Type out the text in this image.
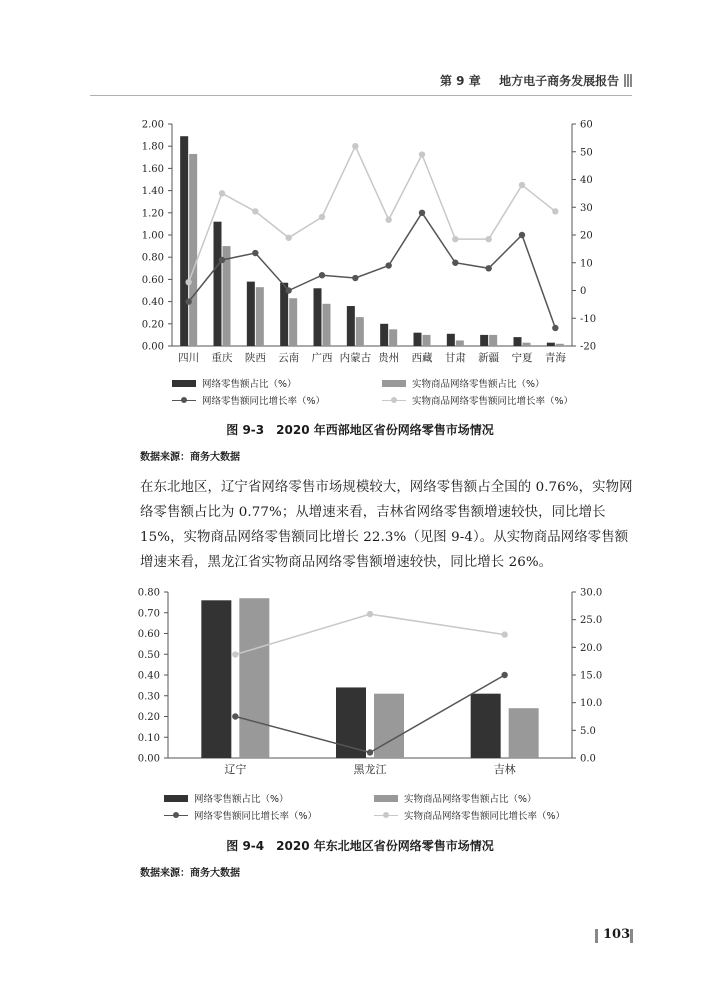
第 9 章 地方电子商务发展报告
0.00
0.20
0.40
0.60
0.80
1.00
1.20
1.40
1.60
1.80
2.00
-20
-10
0
10
20
30
40
50
60
四川 重庆 陕西 云南 广西 内蒙古 贵州 西藏 甘肃 新疆 宁夏 青海
网络零售额占比（%）	实物商品网络零售额占比（%）
网络零售额同比增长率（%）	实物商品网络零售额同比增长率（%）
图 9-3　2020 年西部地区省份网络零售市场情况
数据来源：商务大数据

在东北地区，辽宁省网络零售市场规模较大，网络零售额占全国的 0.76%，实物网络零售额占比为 0.77%；从增速来看，吉林省网络零售额增速较快，同比增长 15%，实物商品网络零售额同比增长 22.3%（见图 9-4）。从实物商品网络零售额增速来看，黑龙江省实物商品网络零售额增速较快，同比增长 26%。

0.00
0.10
0.20
0.30
0.40
0.50
0.60
0.70
0.80
0.0
5.0
10.0
15.0
20.0
25.0
30.0
辽宁	黑龙江	吉林
网络零售额占比（%）	实物商品网络零售额占比（%）
网络零售额同比增长率（%）	实物商品网络零售额同比增长率（%）
图 9-4　2020 年东北地区省份网络零售市场情况
数据来源：商务大数据
103
